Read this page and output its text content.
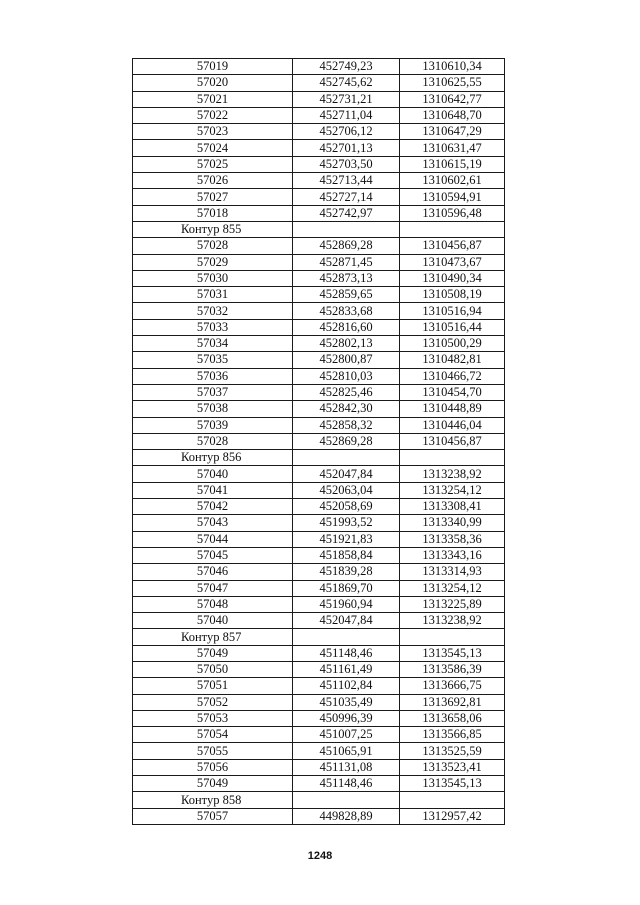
57019	452749,23	1310610,34
57020	452745,62	1310625,55
57021	452731,21	1310642,77
57022	452711,04	1310648,70
57023	452706,12	1310647,29
57024	452701,13	1310631,47
57025	452703,50	1310615,19
57026	452713,44	1310602,61
57027	452727,14	1310594,91
57018	452742,97	1310596,48
Контур 855		
57028	452869,28	1310456,87
57029	452871,45	1310473,67
57030	452873,13	1310490,34
57031	452859,65	1310508,19
57032	452833,68	1310516,94
57033	452816,60	1310516,44
57034	452802,13	1310500,29
57035	452800,87	1310482,81
57036	452810,03	1310466,72
57037	452825,46	1310454,70
57038	452842,30	1310448,89
57039	452858,32	1310446,04
57028	452869,28	1310456,87
Контур 856		
57040	452047,84	1313238,92
57041	452063,04	1313254,12
57042	452058,69	1313308,41
57043	451993,52	1313340,99
57044	451921,83	1313358,36
57045	451858,84	1313343,16
57046	451839,28	1313314,93
57047	451869,70	1313254,12
57048	451960,94	1313225,89
57040	452047,84	1313238,92
Контур 857		
57049	451148,46	1313545,13
57050	451161,49	1313586,39
57051	451102,84	1313666,75
57052	451035,49	1313692,81
57053	450996,39	1313658,06
57054	451007,25	1313566,85
57055	451065,91	1313525,59
57056	451131,08	1313523,41
57049	451148,46	1313545,13
Контур 858		
57057	449828,89	1312957,42
1248
